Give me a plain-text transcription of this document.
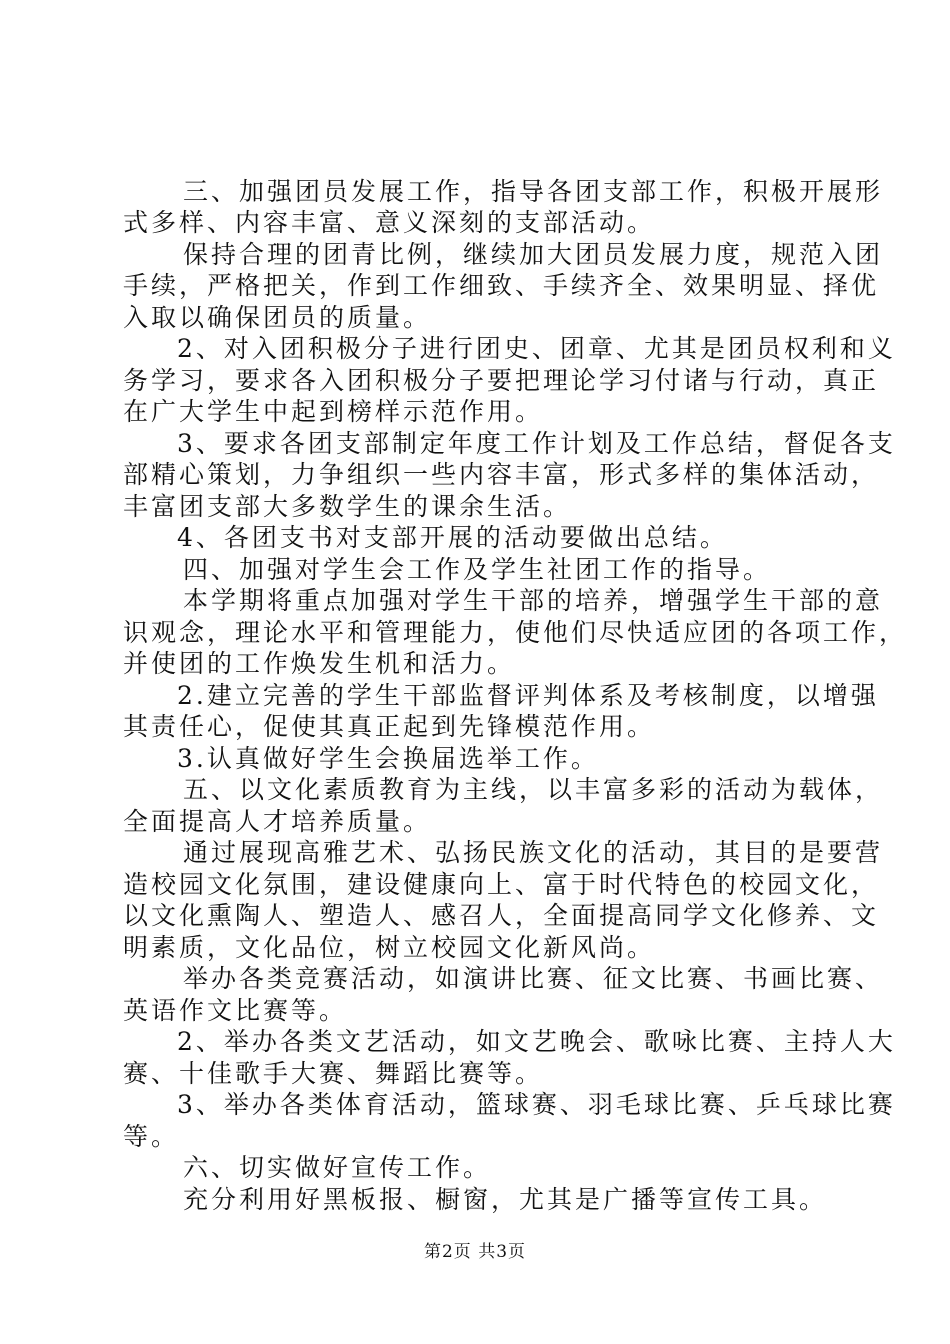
三、加强团员发展工作，指导各团支部工作，积极开展形
式多样、内容丰富、意义深刻的支部活动。
保持合理的团青比例，继续加大团员发展力度，规范入团
手续，严格把关，作到工作细致、手续齐全、效果明显、择优
入取以确保团员的质量。
2、对入团积极分子进行团史、团章、尤其是团员权利和义
务学习，要求各入团积极分子要把理论学习付诸与行动，真正
在广大学生中起到榜样示范作用。
3、要求各团支部制定年度工作计划及工作总结，督促各支
部精心策划，力争组织一些内容丰富，形式多样的集体活动，
丰富团支部大多数学生的课余生活。
4、各团支书对支部开展的活动要做出总结。
四、加强对学生会工作及学生社团工作的指导。
本学期将重点加强对学生干部的培养，增强学生干部的意
识观念，理论水平和管理能力，使他们尽快适应团的各项工作，
并使团的工作焕发生机和活力。
2.建立完善的学生干部监督评判体系及考核制度，以增强
其责任心，促使其真正起到先锋模范作用。
3.认真做好学生会换届选举工作。
五、以文化素质教育为主线，以丰富多彩的活动为载体，
全面提高人才培养质量。
通过展现高雅艺术、弘扬民族文化的活动，其目的是要营
造校园文化氛围，建设健康向上、富于时代特色的校园文化，
以文化熏陶人、塑造人、感召人，全面提高同学文化修养、文
明素质，文化品位，树立校园文化新风尚。
举办各类竞赛活动，如演讲比赛、征文比赛、书画比赛、
英语作文比赛等。
2、举办各类文艺活动，如文艺晚会、歌咏比赛、主持人大
赛、十佳歌手大赛、舞蹈比赛等。
3、举办各类体育活动，篮球赛、羽毛球比赛、乒乓球比赛
等。
六、切实做好宣传工作。
充分利用好黑板报、橱窗，尤其是广播等宣传工具。
第2页 共3页
